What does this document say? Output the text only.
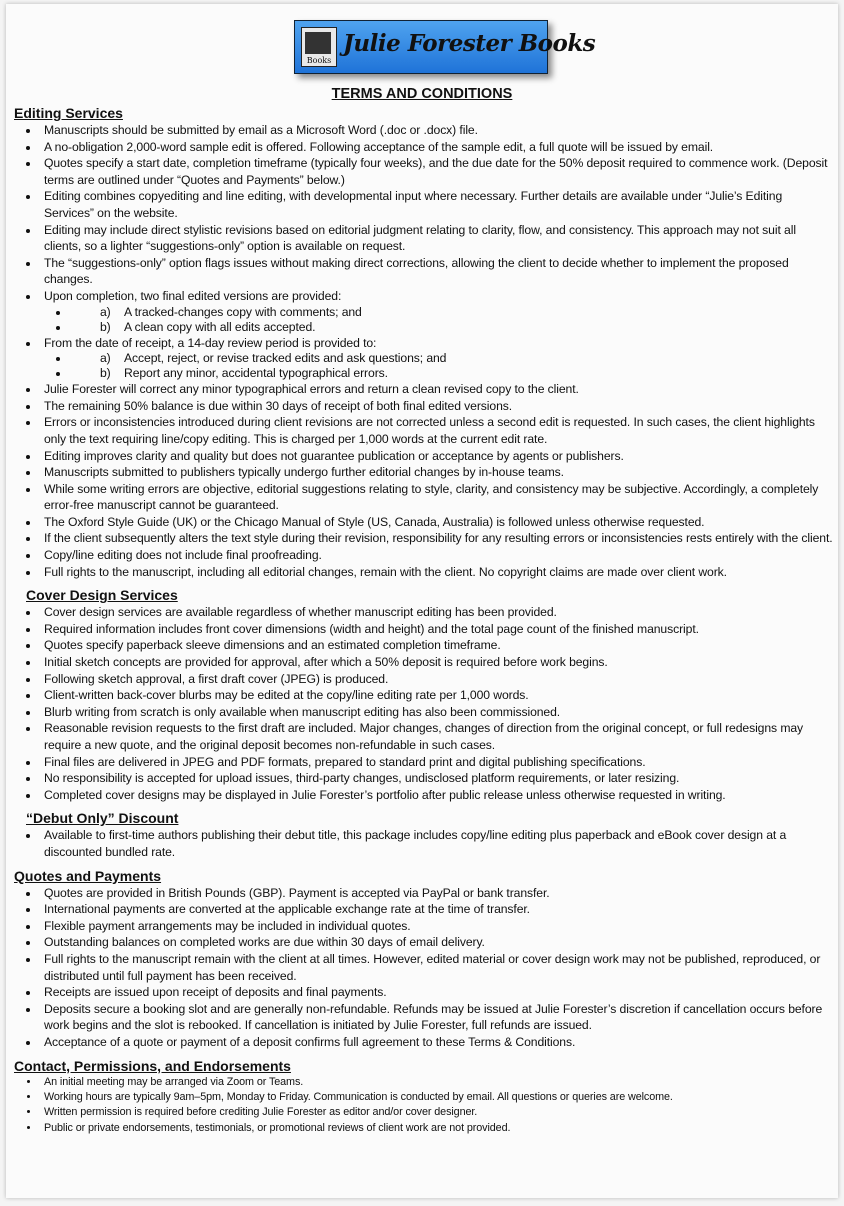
Books
Julie Forester Books
TERMS AND CONDITIONS
Editing Services
• Manuscripts should be submitted by email as a Microsoft Word (.doc or .docx) file.
• A no-obligation 2,000-word sample edit is offered. Following acceptance of the sample edit, a full quote will be issued by email.
• Quotes specify a start date, completion timeframe (typically four weeks), and the due date for the 50% deposit required to commence work. (Deposit terms are outlined under “Quotes and Payments” below.)
• Editing combines copyediting and line editing, with developmental input where necessary. Further details are available under “Julie’s Editing Services” on the website.
• Editing may include direct stylistic revisions based on editorial judgment relating to clarity, flow, and consistency. This approach may not suit all clients, so a lighter “suggestions-only” option is available on request.
• The “suggestions-only” option flags issues without making direct corrections, allowing the client to decide whether to implement the proposed changes.
• Upon completion, two final edited versions are provided:
• a) A tracked-changes copy with comments; and
• b) A clean copy with all edits accepted.
• From the date of receipt, a 14-day review period is provided to:
• a) Accept, reject, or revise tracked edits and ask questions; and
• b) Report any minor, accidental typographical errors.
• Julie Forester will correct any minor typographical errors and return a clean revised copy to the client.
• The remaining 50% balance is due within 30 days of receipt of both final edited versions.
• Errors or inconsistencies introduced during client revisions are not corrected unless a second edit is requested. In such cases, the client highlights only the text requiring line/copy editing. This is charged per 1,000 words at the current edit rate.
• Editing improves clarity and quality but does not guarantee publication or acceptance by agents or publishers.
• Manuscripts submitted to publishers typically undergo further editorial changes by in-house teams.
• While some writing errors are objective, editorial suggestions relating to style, clarity, and consistency may be subjective. Accordingly, a completely error-free manuscript cannot be guaranteed.
• The Oxford Style Guide (UK) or the Chicago Manual of Style (US, Canada, Australia) is followed unless otherwise requested.
• If the client subsequently alters the text style during their revision, responsibility for any resulting errors or inconsistencies rests entirely with the client.
• Copy/line editing does not include final proofreading.
• Full rights to the manuscript, including all editorial changes, remain with the client. No copyright claims are made over client work.
Cover Design Services
• Cover design services are available regardless of whether manuscript editing has been provided.
• Required information includes front cover dimensions (width and height) and the total page count of the finished manuscript.
• Quotes specify paperback sleeve dimensions and an estimated completion timeframe.
• Initial sketch concepts are provided for approval, after which a 50% deposit is required before work begins.
• Following sketch approval, a first draft cover (JPEG) is produced.
• Client-written back-cover blurbs may be edited at the copy/line editing rate per 1,000 words.
• Blurb writing from scratch is only available when manuscript editing has also been commissioned.
• Reasonable revision requests to the first draft are included. Major changes, changes of direction from the original concept, or full redesigns may require a new quote, and the original deposit becomes non-refundable in such cases.
• Final files are delivered in JPEG and PDF formats, prepared to standard print and digital publishing specifications.
• No responsibility is accepted for upload issues, third-party changes, undisclosed platform requirements, or later resizing.
• Completed cover designs may be displayed in Julie Forester’s portfolio after public release unless otherwise requested in writing.
“Debut Only” Discount
• Available to first-time authors publishing their debut title, this package includes copy/line editing plus paperback and eBook cover design at a discounted bundled rate.
Quotes and Payments
• Quotes are provided in British Pounds (GBP). Payment is accepted via PayPal or bank transfer.
• International payments are converted at the applicable exchange rate at the time of transfer.
• Flexible payment arrangements may be included in individual quotes.
• Outstanding balances on completed works are due within 30 days of email delivery.
• Full rights to the manuscript remain with the client at all times. However, edited material or cover design work may not be published, reproduced, or distributed until full payment has been received.
• Receipts are issued upon receipt of deposits and final payments.
• Deposits secure a booking slot and are generally non-refundable. Refunds may be issued at Julie Forester’s discretion if cancellation occurs before work begins and the slot is rebooked. If cancellation is initiated by Julie Forester, full refunds are issued.
• Acceptance of a quote or payment of a deposit confirms full agreement to these Terms & Conditions.
Contact, Permissions, and Endorsements
• An initial meeting may be arranged via Zoom or Teams.
• Working hours are typically 9am–5pm, Monday to Friday. Communication is conducted by email. All questions or queries are welcome.
• Written permission is required before crediting Julie Forester as editor and/or cover designer.
• Public or private endorsements, testimonials, or promotional reviews of client work are not provided.
